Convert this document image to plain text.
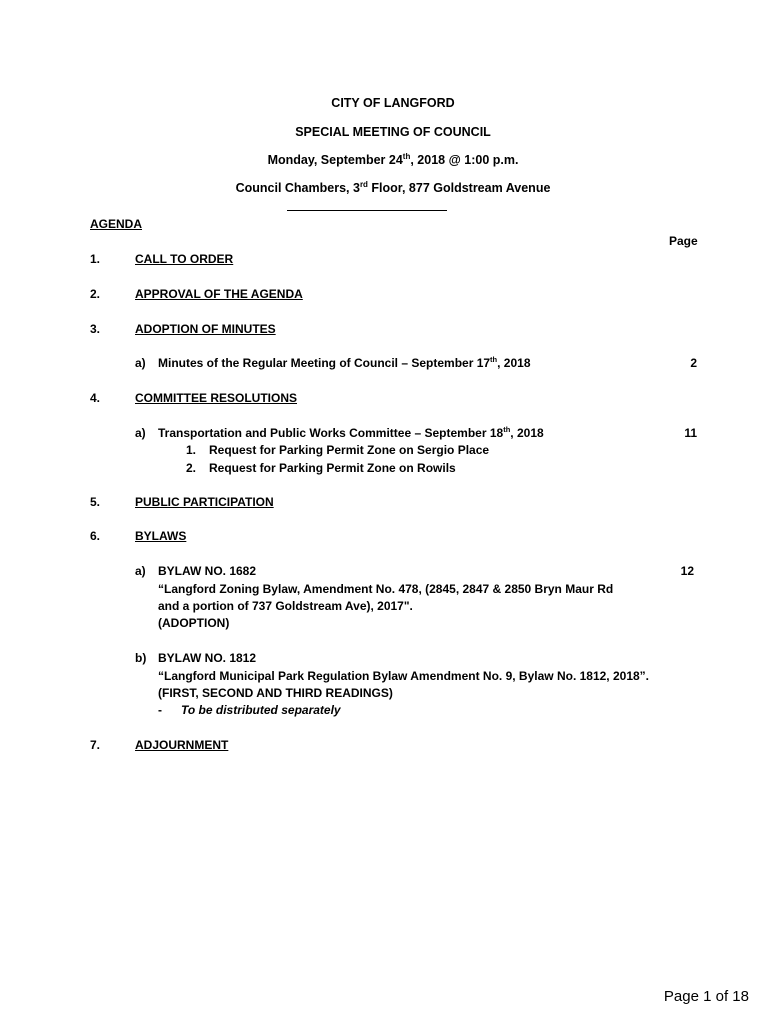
CITY OF LANGFORD
SPECIAL MEETING OF COUNCIL
Monday, September 24th, 2018 @ 1:00 p.m.
Council Chambers, 3rd Floor, 877 Goldstream Avenue
AGENDA
Page
1.	CALL TO ORDER
2.	APPROVAL OF THE AGENDA
3.	ADOPTION OF MINUTES
a) Minutes of the Regular Meeting of Council – September 17th, 2018	2
4.	COMMITTEE RESOLUTIONS
a) Transportation and Public Works Committee – September 18th, 2018	11
1. Request for Parking Permit Zone on Sergio Place
2. Request for Parking Permit Zone on Rowils
5.	PUBLIC PARTICIPATION
6.	BYLAWS
a) BYLAW NO. 1682	12
“Langford Zoning Bylaw, Amendment No. 478, (2845, 2847 & 2850 Bryn Maur Rd
and a portion of 737 Goldstream Ave), 2017".
(ADOPTION)
b) BYLAW NO. 1812
“Langford Municipal Park Regulation Bylaw Amendment No. 9, Bylaw No. 1812, 2018”.
(FIRST, SECOND AND THIRD READINGS)
- To be distributed separately
7.	ADJOURNMENT
Page 1 of 18
